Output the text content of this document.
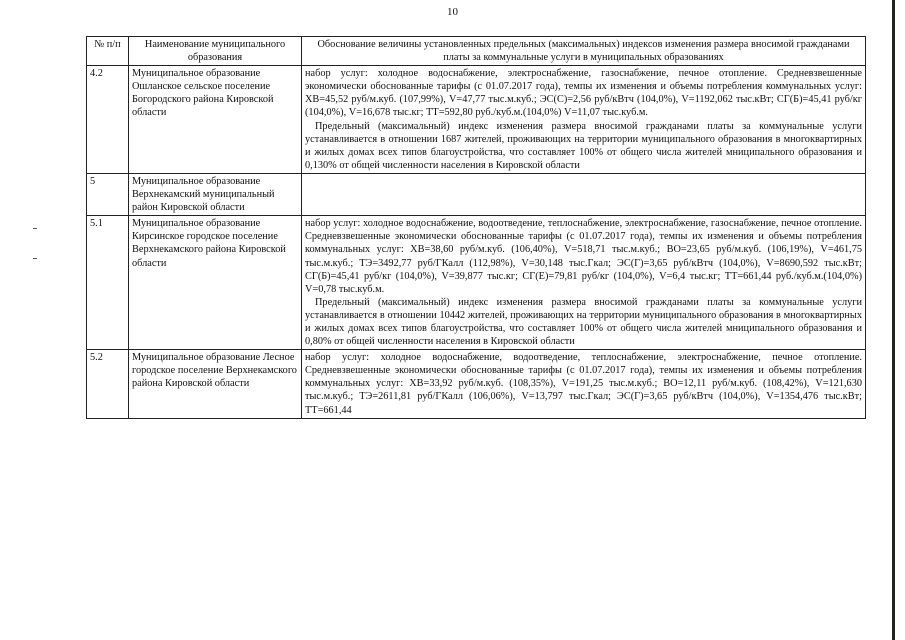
10
№ п/п	Наименование муниципального образования	Обоснование величины установленных предельных (максимальных) индексов изменения размера вносимой гражданами платы за коммунальные услуги в муниципальных образованиях
4.2	Муниципальное образование Ошланское сельское поселение Богородского района Кировской области	набор услуг: холодное водоснабжение, электроснабжение, газоснабжение, печное отопление. Средневзвешенные экономически обоснованные тарифы (с 01.07.2017 года), темпы их изменения и объемы потребления коммунальных услуг: ХВ=45,52 руб/м.куб. (107,99%), V=47,77 тыс.м.куб.; ЭС(С)=2,56 руб/кВтч (104,0%), V=1192,062 тыс.кВт; СГ(Б)=45,41 руб/кг (104,0%), V=16,678 тыс.кг; ТТ=592,80 руб./куб.м.(104,0%) V=11,07 тыс.куб.м.
Предельный (максимальный) индекс изменения размера вносимой гражданами платы за коммунальные услуги устанавливается в отношении 1687 жителей, проживающих на территории муниципального образования в многоквартирных и жилых домах всех типов благоустройства, что составляет 100% от общего числа жителей мниципального образования и 0,130% от общей численности населения в Кировской области

5	Муниципальное образование Верхнекамский муниципальный район Кировской области	

5.1	Муниципальное образование Кирсинское городское поселение Верхнекамского района Кировской области	набор услуг: холодное водоснабжение, водоотведение, теплоснабжение, электроснабжение, газоснабжение, печное отопление. Средневзвешенные экономически обоснованные тарифы (с 01.07.2017 года), темпы их изменения и объемы потребления коммунальных услуг: ХВ=38,60 руб/м.куб. (106,40%), V=518,71 тыс.м.куб.; ВО=23,65 руб/м.куб. (106,19%), V=461,75 тыс.м.куб.; ТЭ=3492,77 руб/ГКалл (112,98%), V=30,148 тыс.Гкал; ЭС(Г)=3,65 руб/кВтч (104,0%), V=8690,592 тыс.кВт; СГ(Б)=45,41 руб/кг (104,0%), V=39,877 тыс.кг; СГ(Е)=79,81 руб/кг (104,0%), V=6,4 тыс.кг; ТТ=661,44 руб./куб.м.(104,0%) V=0,78 тыс.куб.м.
Предельный (максимальный) индекс изменения размера вносимой гражданами платы за коммунальные услуги устанавливается в отношении 10442 жителей, проживающих на территории муниципального образования в многоквартирных и жилых домах всех типов благоустройства, что составляет 100% от общего числа жителей мниципального образования и 0,80% от общей численности населения в Кировской области

5.2	Муниципальное образование Лесное городское поселение Верхнекамского района Кировской области	набор услуг: холодное водоснабжение, водоотведение, теплоснабжение, электроснабжение, печное отопление. Средневзвешенные экономически обоснованные тарифы (с 01.07.2017 года), темпы их изменения и объемы потребления коммунальных услуг: ХВ=33,92 руб/м.куб. (108,35%), V=191,25 тыс.м.куб.; ВО=12,11 руб/м.куб. (108,42%), V=121,630 тыс.м.куб.; ТЭ=2611,81 руб/ГКалл (106,06%), V=13,797 тыс.Гкал; ЭС(Г)=3,65 руб/кВтч (104,0%), V=1354,476 тыс.кВт; ТТ=661,44
